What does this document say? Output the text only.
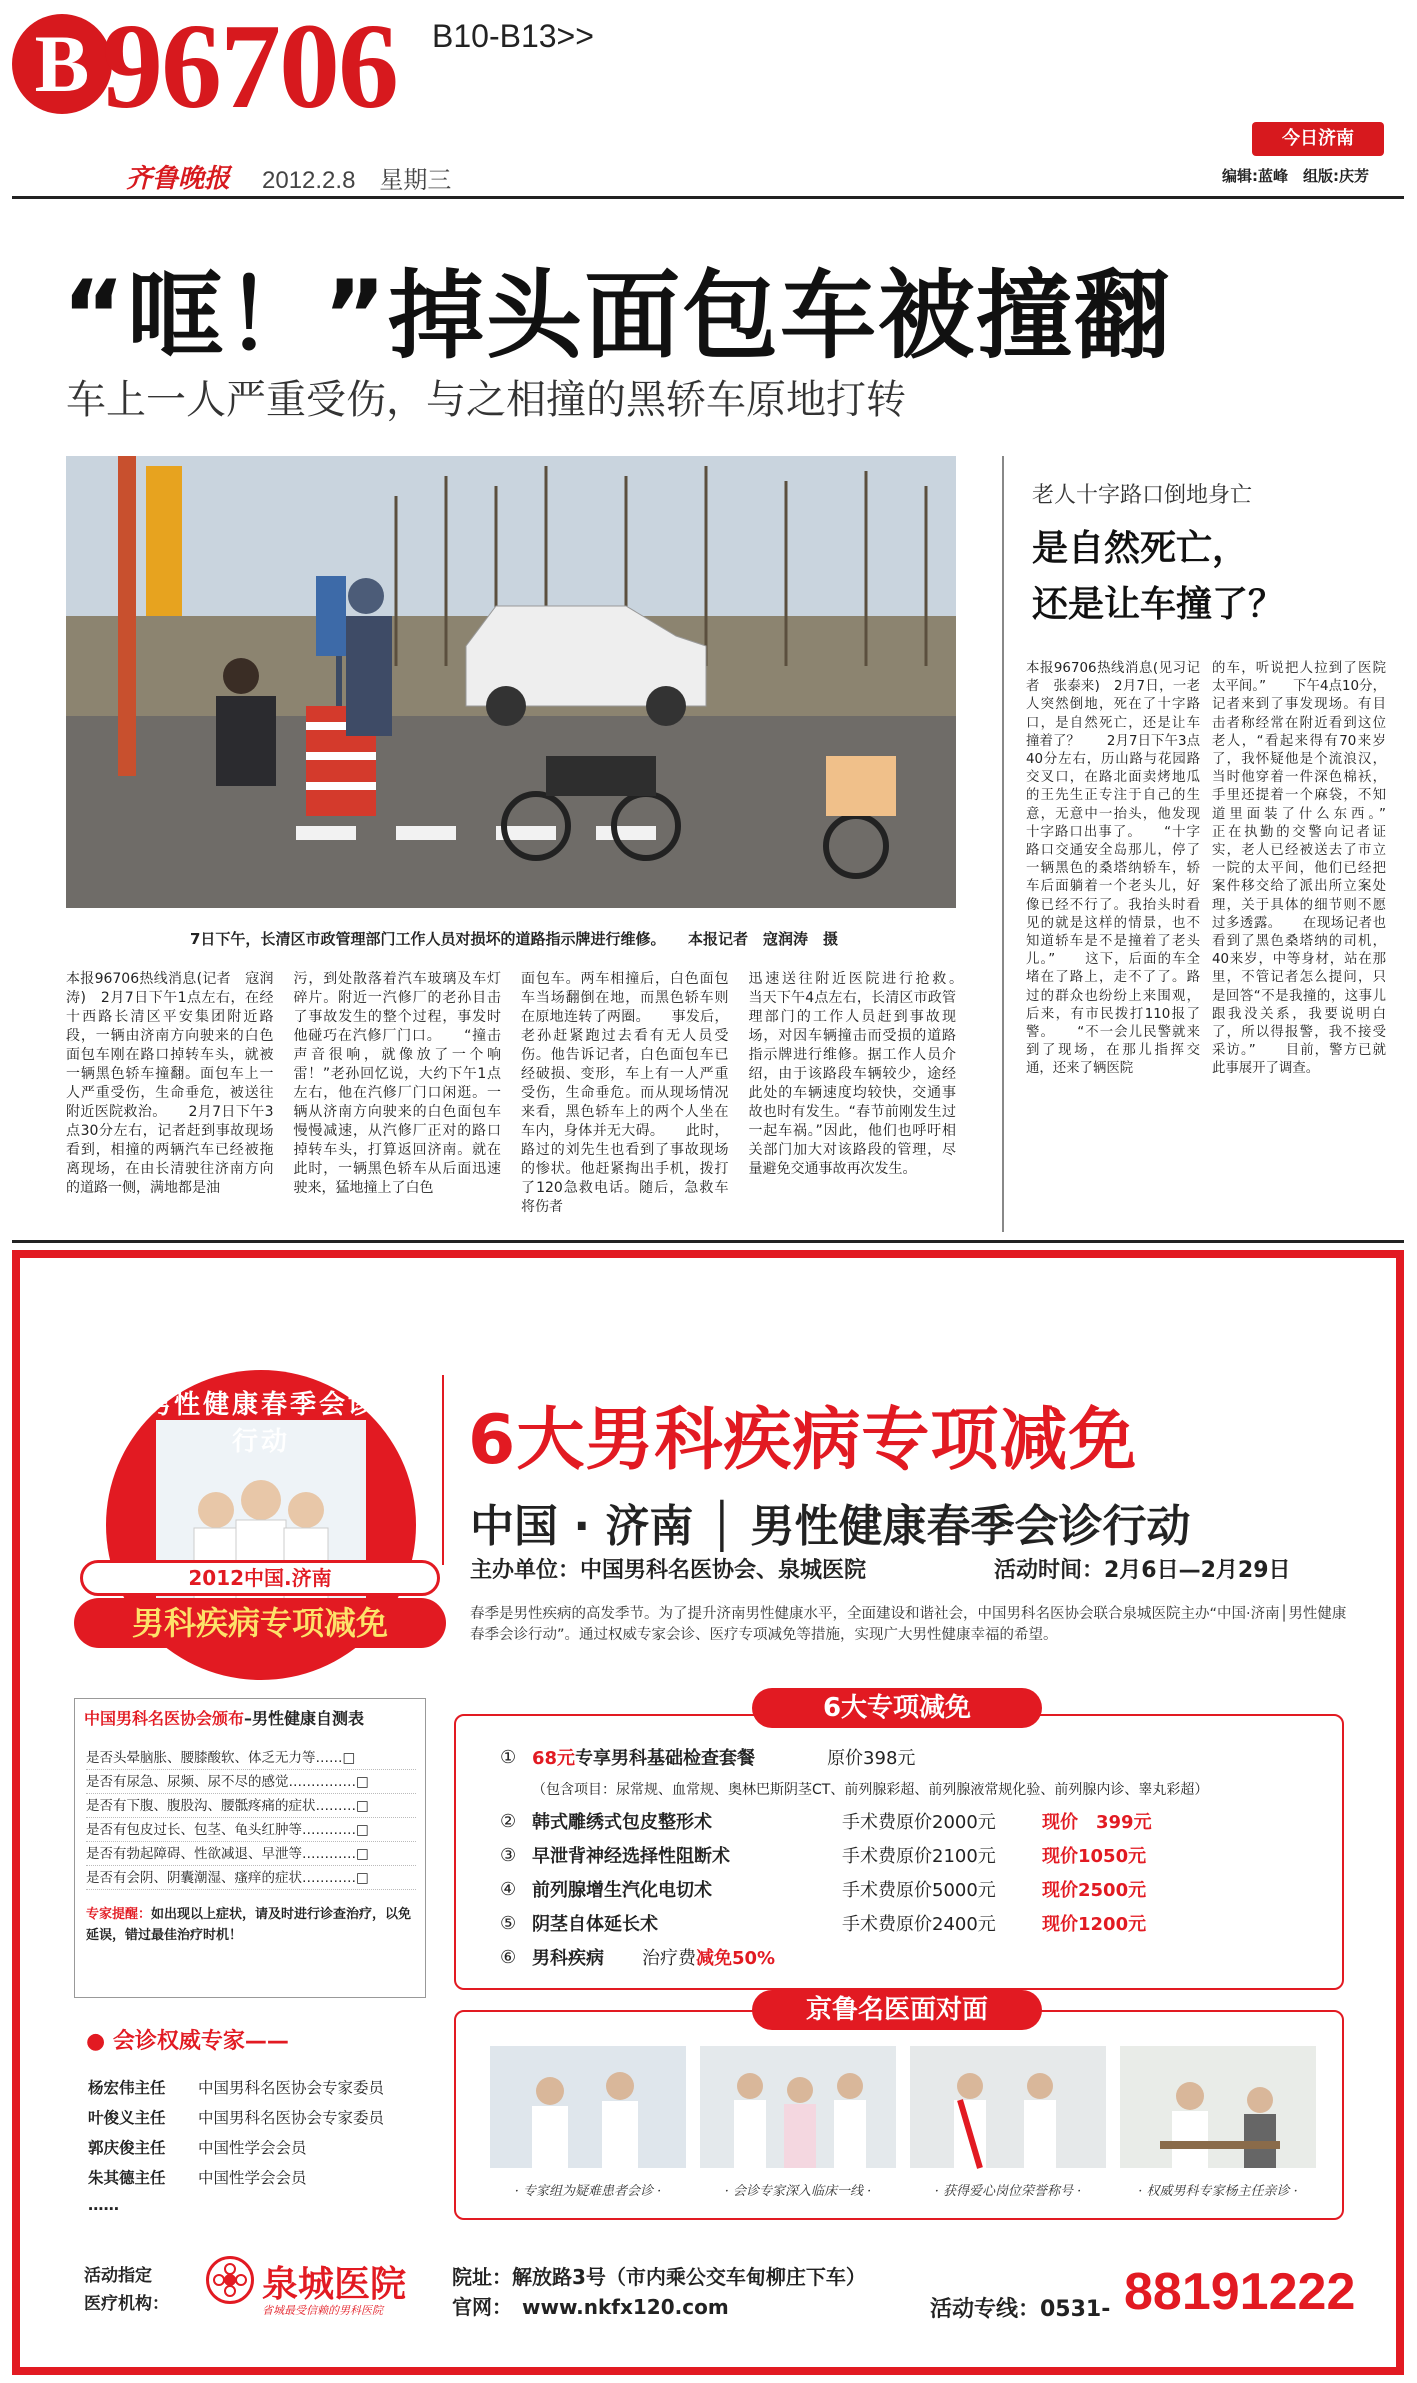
B 96706 B10-B13>>
齐鲁晚报 2012.2.8　星期三
今日济南
编辑:蓝峰　组版:庆芳
“哐！”掉头面包车被撞翻
车上一人严重受伤，与之相撞的黑轿车原地打转
7日下午，长清区市政管理部门工作人员对损坏的道路指示牌进行维修。　　本报记者　寇润涛　摄
本报96706热线消息(记者　寇润涛)　2月7日下午1点左右，在经十西路长清区平安集团附近路段，一辆由济南方向驶来的白色面包车刚在路口掉转车头，就被一辆黑色轿车撞翻。面包车上一人严重受伤，生命垂危，被送往附近医院救治。　　2月7日下午3点30分左右，记者赶到事故现场看到，相撞的两辆汽车已经被拖离现场，在由长清驶往济南方向的道路一侧，满地都是油
污，到处散落着汽车玻璃及车灯碎片。附近一汽修厂的老孙目击了事故发生的整个过程，事发时他碰巧在汽修厂门口。　　“撞击声音很响，就像放了一个响雷！”老孙回忆说，大约下午1点左右，他在汽修厂门口闲逛。一辆从济南方向驶来的白色面包车慢慢减速，从汽修厂正对的路口掉转车头，打算返回济南。就在此时，一辆黑色轿车从后面迅速驶来，猛地撞上了白色
面包车。两车相撞后，白色面包车当场翻倒在地，而黑色轿车则在原地连转了两圈。　　事发后，老孙赶紧跑过去看有无人员受伤。他告诉记者，白色面包车已经破损、变形，车上有一人严重受伤，生命垂危。而从现场情况来看，黑色轿车上的两个人坐在车内，身体并无大碍。　　此时，路过的刘先生也看到了事故现场的惨状。他赶紧掏出手机，拨打了120急救电话。随后，急救车将伤者
迅速送往附近医院进行抢救。　　当天下午4点左右，长清区市政管理部门的工作人员赶到事故现场，对因车辆撞击而受损的道路指示牌进行维修。据工作人员介绍，由于该路段车辆较少，途经此处的车辆速度均较快，交通事故也时有发生。“春节前刚发生过一起车祸。”因此，他们也呼吁相关部门加大对该路段的管理，尽量避免交通事故再次发生。
老人十字路口倒地身亡
是自然死亡，
还是让车撞了？
本报96706热线消息(见习记者　张泰来)　2月7日，一老人突然倒地，死在了十字路口，是自然死亡，还是让车撞着了？　　2月7日下午3点40分左右，历山路与花园路交叉口，在路北面卖烤地瓜的王先生正专注于自己的生意，无意中一抬头，他发现十字路口出事了。　　“十字路口交通安全岛那儿，停了一辆黑色的桑塔纳轿车，轿车后面躺着一个老头儿，好像已经不行了。我抬头时看见的就是这样的情景，也不知道轿车是不是撞着了老头儿。”　　这下，后面的车全堵在了路上，走不了了。路过的群众也纷纷上来围观，后来，有市民拨打110报了警。　　“不一会儿民警就来到了现场，在那儿指挥交通，还来了辆医院
的车，听说把人拉到了医院太平间。”　　下午4点10分，记者来到了事发现场。有目击者称经常在附近看到这位老人，“看起来得有70来岁了，我怀疑他是个流浪汉，当时他穿着一件深色棉袄，手里还提着一个麻袋，不知道里面装了什么东西。”　　正在执勤的交警向记者证实，老人已经被送去了市立一院的太平间，他们已经把案件移交给了派出所立案处理，关于具体的细节则不愿过多透露。　　在现场记者也看到了黑色桑塔纳的司机，40来岁，中等身材，站在那里，不管记者怎么提问，只是回答“不是我撞的，这事儿跟我没关系，我要说明白了，所以得报警，我不接受采访。”　　目前，警方已就此事展开了调查。
男性健康春季会诊行动
2012中国.济南
男科疾病专项减免
6大男科疾病专项减免
中国 · 济南 │ 男性健康春季会诊行动
主办单位：中国男科名医协会、泉城医院	活动时间：2月6日—2月29日
春季是男性疾病的高发季节。为了提升济南男性健康水平，全面建设和谐社会，中国男科名医协会联合泉城医院主办“中国·济南│男性健康春季会诊行动”。通过权威专家会诊、医疗专项减免等措施，实现广大男性健康幸福的希望。
中国男科名医协会颁布–男性健康自测表
是否头晕脑胀、腰膝酸软、体乏无力等……□
是否有尿急、尿频、尿不尽的感觉……………□
是否有下腹、腹股沟、腰骶疼痛的症状………□
是否有包皮过长、包茎、龟头红肿等…………□
是否有勃起障碍、性欲减退、早泄等…………□
是否有会阴、阴囊潮湿、瘙痒的症状…………□
专家提醒：如出现以上症状，请及时进行诊查治疗，以免延误，错过最佳治疗时机！
● 会诊权威专家——
杨宏伟主任 中国男科名医协会专家委员
叶俊义主任 中国男科名医协会专家委员
郭庆俊主任 中国性学会会员
朱其德主任 中国性学会会员
……
6大专项减免
① 68元 专享男科基础检查套餐	原价398元
（包含项目：尿常规、血常规、奥林巴斯阴茎CT、前列腺彩超、前列腺液常规化验、前列腺内诊、睾丸彩超）
② 韩式雕绣式包皮整形术	手术费原价2000元	现价　399元
③ 早泄背神经选择性阻断术	手术费原价2100元	现价1050元
④ 前列腺增生汽化电切术	手术费原价5000元	现价2500元
⑤ 阴茎自体延长术	手术费原价2400元	现价1200元
⑥ 男科疾病	治疗费 减免50%
京鲁名医面对面
· 专家组为疑难患者会诊 ·	· 会诊专家深入临床一线 ·	· 获得爱心岗位荣誉称号 ·	· 权威男科专家杨主任亲诊 ·
活动指定
医疗机构：	泉城医院
省城最受信赖的男科医院
院址：解放路3号（市内乘公交车甸柳庄下车）
官网：　www.nkfx120.com	活动专线：0531- 88191222
